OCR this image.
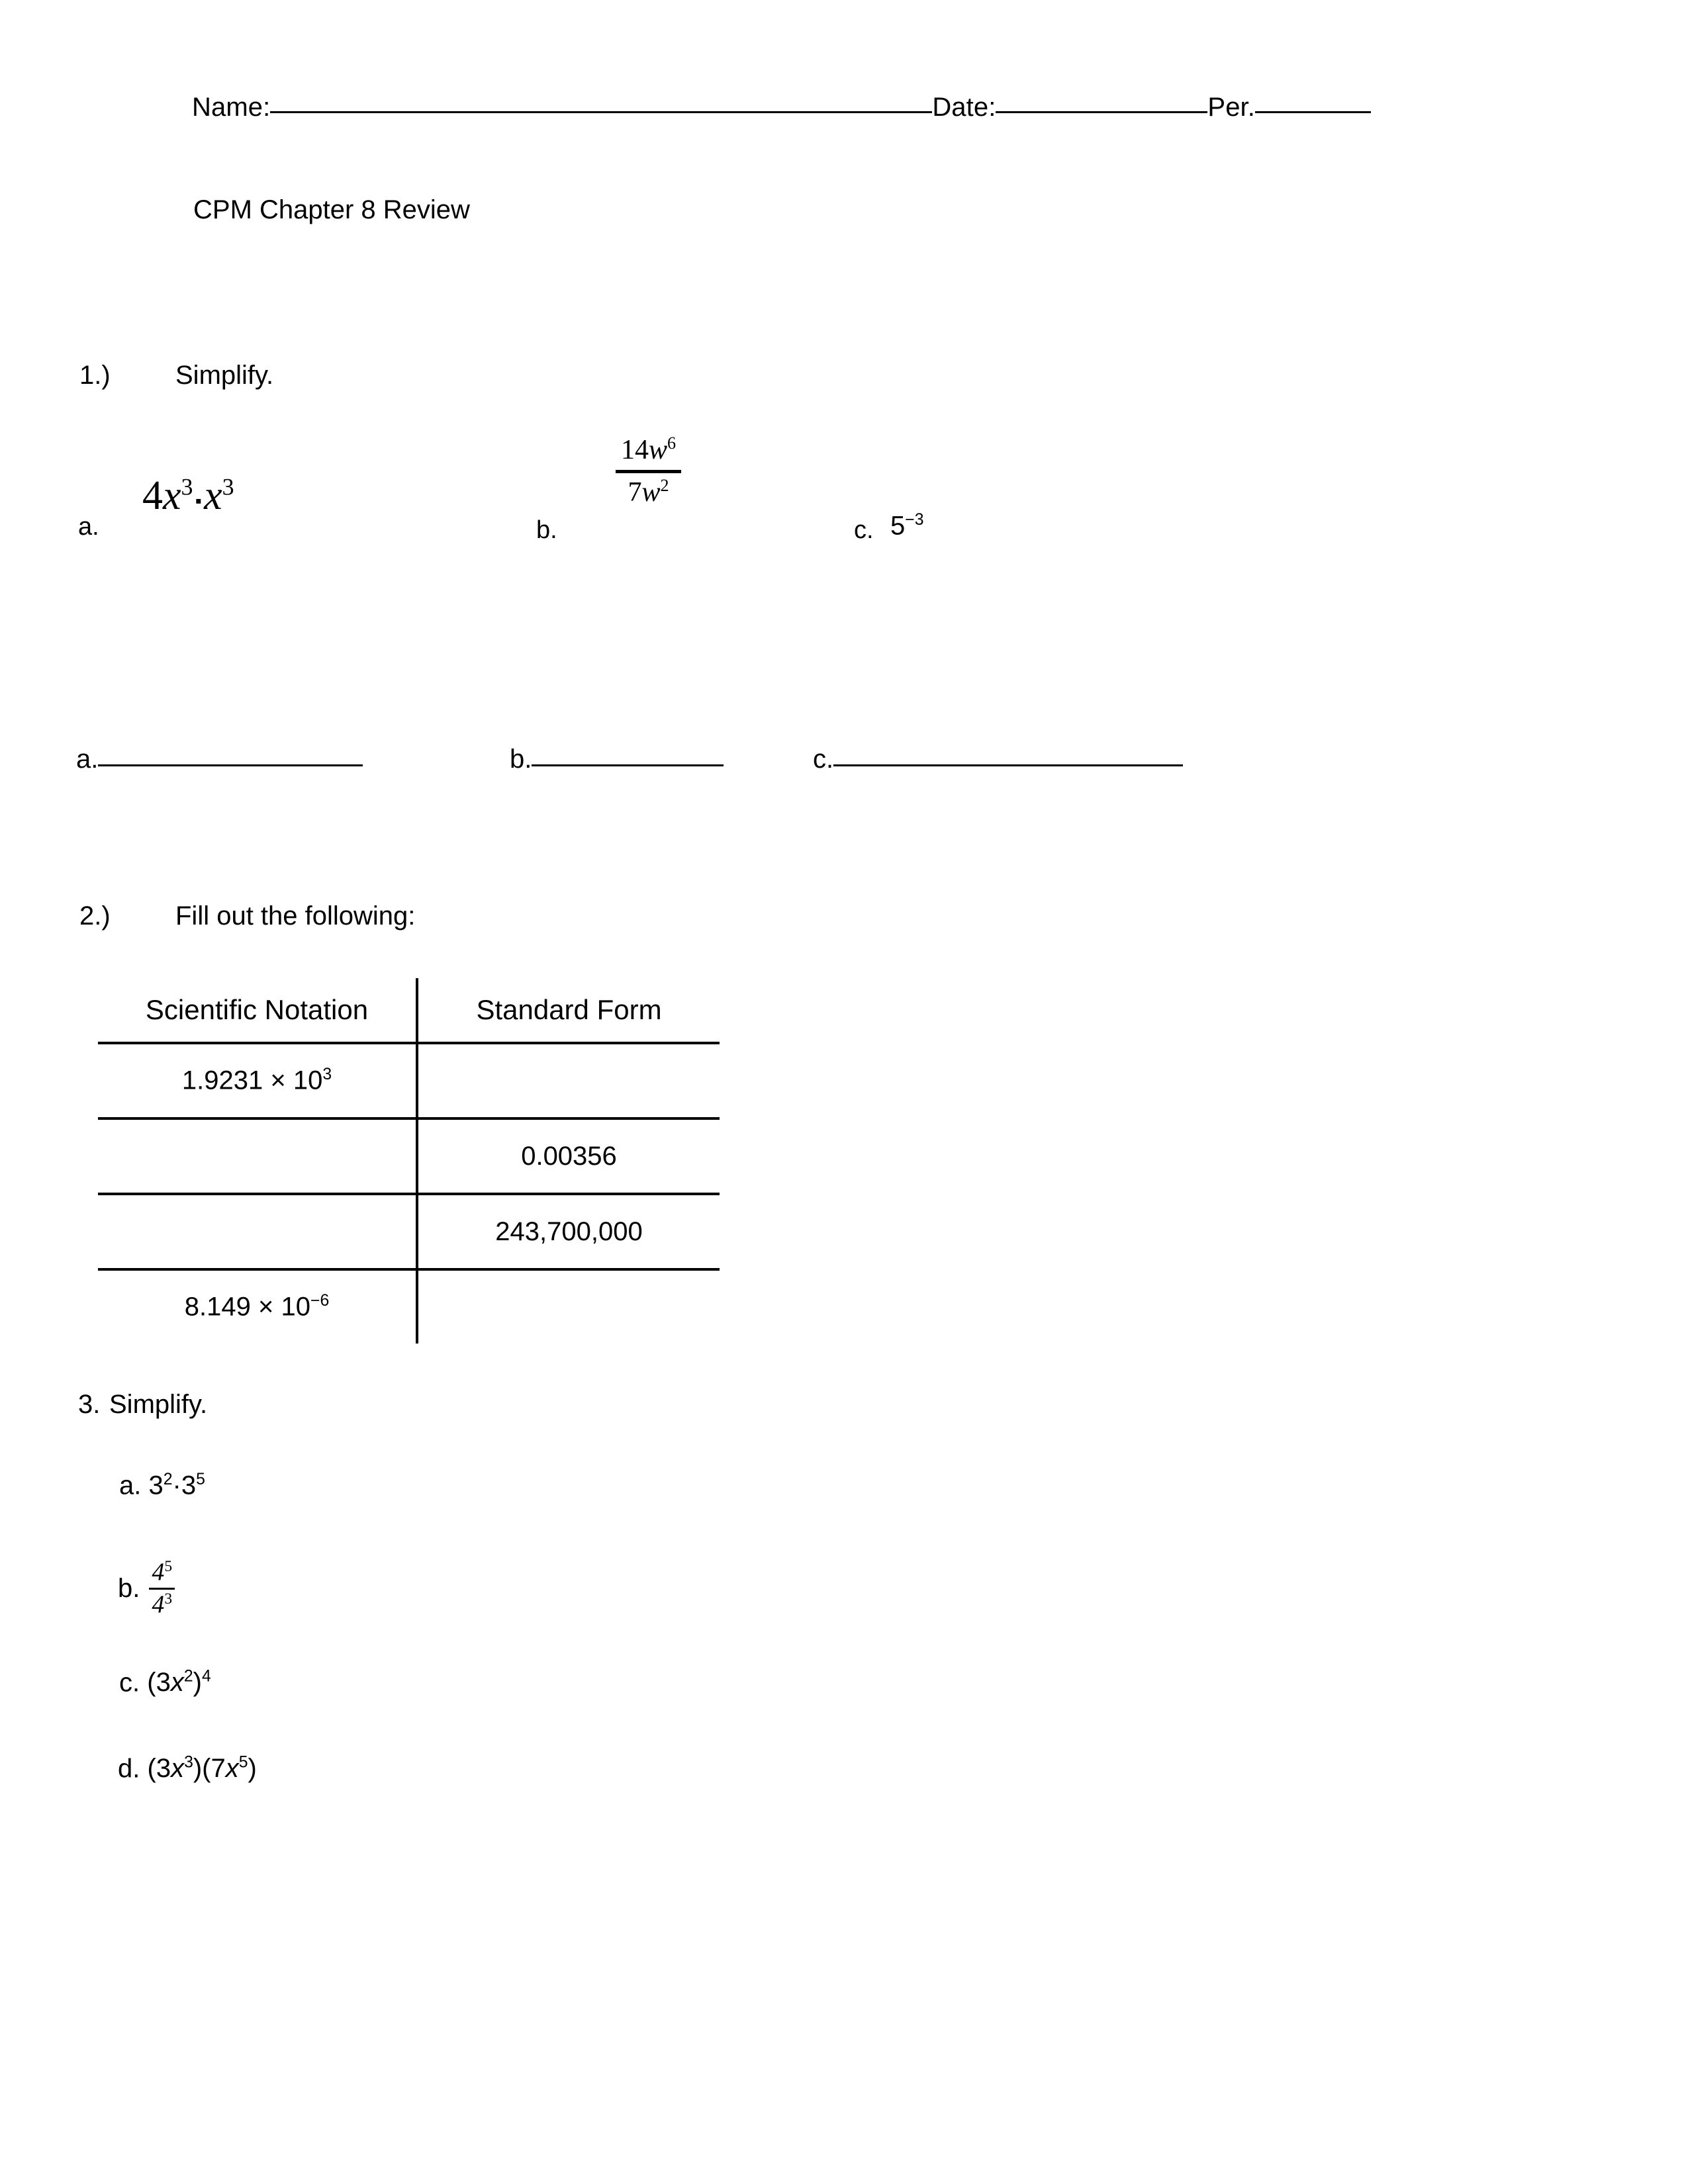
Name:	Date:	Per.
CPM Chapter 8 Review
1.) Simplify.
a.
$4x^3▪x^3$
b.
$14w^6$
$7w^2$
c. $5^{-3}$
a.	b.	c.
2.) Fill out the following:
Scientific Notation	Standard Form
$1.9231 \times 10^3$	
	0.00356
	243,700,000
$8.149 \times 10^{-6}$	
3. Simplify.
a. $3^2\cdot 3^5$
b.
$4^5$
$4^3$
c. $(3x^2)^4$
d. $(3x^3)(7x^5)$
